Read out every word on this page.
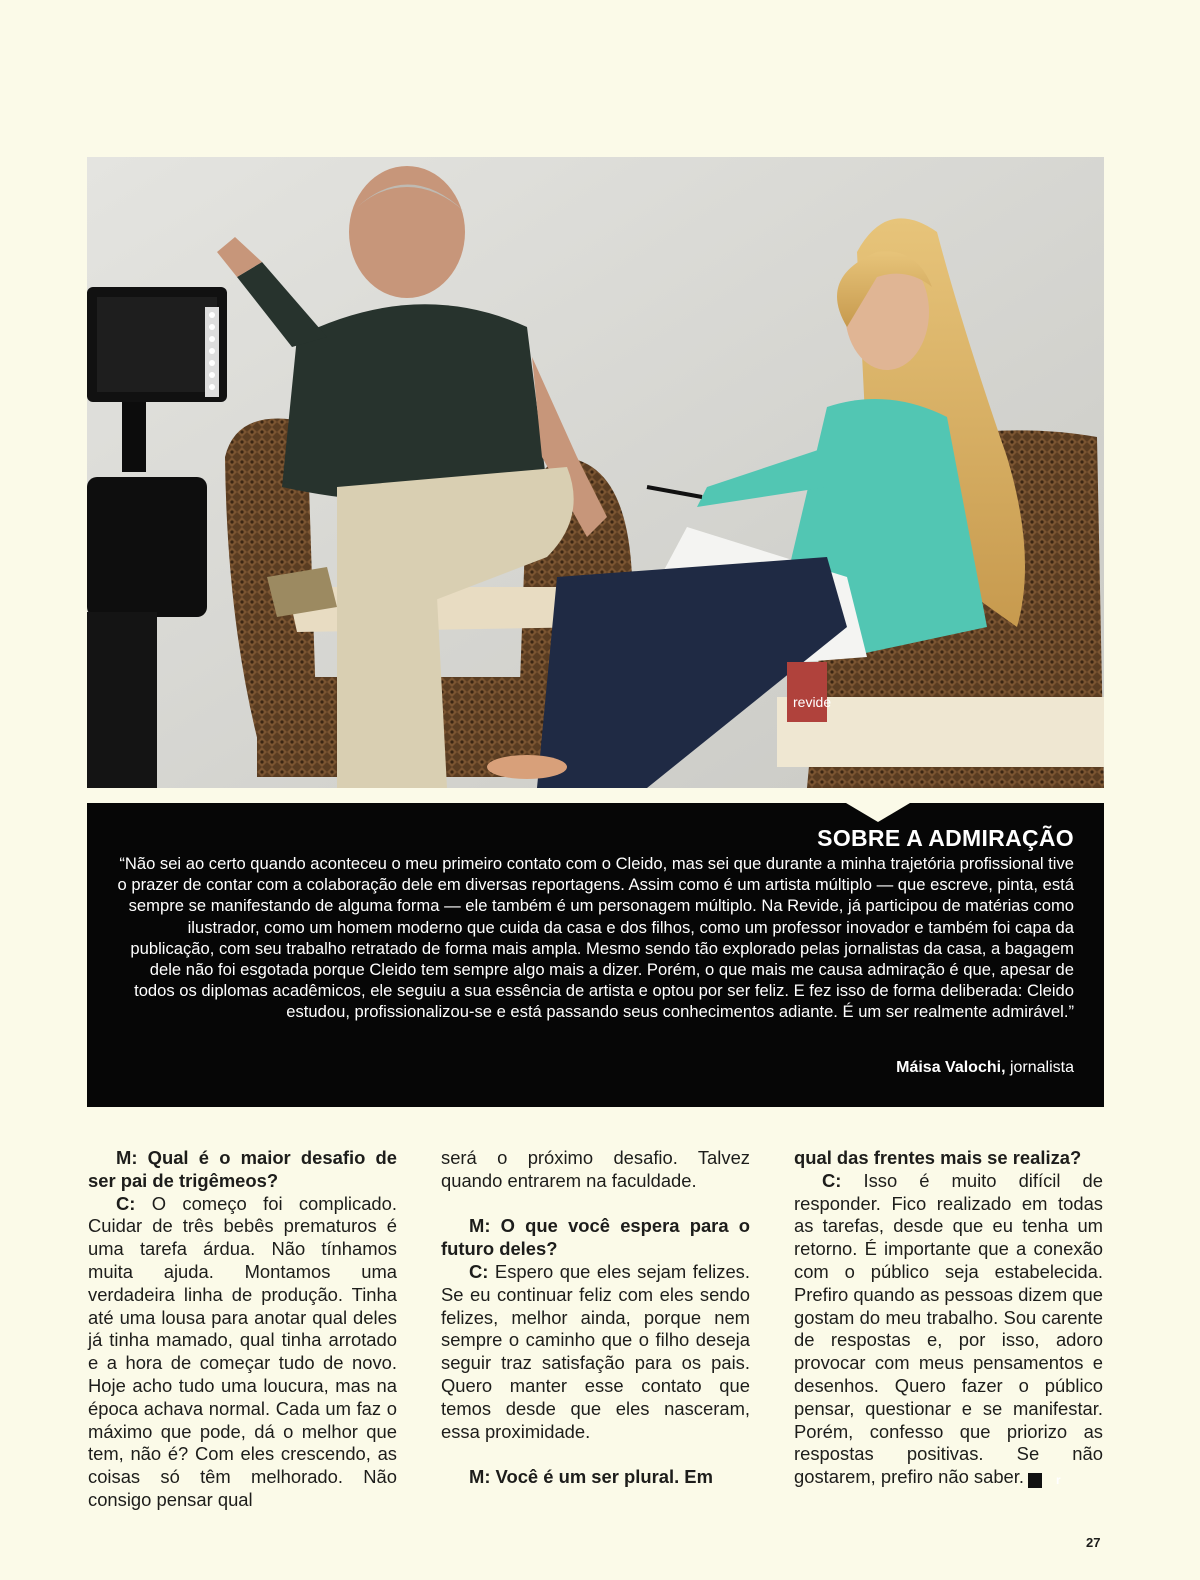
revide
SOBRE A ADMIRAÇÃO

“Não sei ao certo quando aconteceu o meu primeiro contato com o Cleido, mas sei que durante a minha trajetória profissional tive o prazer de contar com a colaboração dele em diversas reportagens. Assim como é um artista múltiplo — que escreve, pinta, está sempre se manifestando de alguma forma — ele também é um personagem múltiplo. Na Revide, já participou de matérias como ilustrador, como um homem moderno que cuida da casa e dos filhos, como um professor inovador e também foi capa da publicação, com seu trabalho retratado de forma mais ampla. Mesmo sendo tão explorado pelas jornalistas da casa, a bagagem dele não foi esgotada porque Cleido tem sempre algo mais a dizer. Porém, o que mais me causa admiração é que, apesar de todos os diplomas acadêmicos, ele seguiu a sua essência de artista e optou por ser feliz. E fez isso de forma deliberada: Cleido estudou, profissionalizou-se e está passando seus conhecimentos adiante. É um ser realmente admirável.”

Máisa Valochi, jornalista

M: Qual é o maior desafio de ser pai de trigêmeos?

C: O começo foi complicado. Cuidar de três bebês prematuros é uma tarefa árdua. Não tínhamos muita ajuda. Montamos uma verdadeira linha de produção. Tinha até uma lousa para anotar qual deles já tinha mamado, qual tinha arrotado e a hora de começar tudo de novo. Hoje acho tudo uma loucura, mas na época achava normal. Cada um faz o máximo que pode, dá o melhor que tem, não é? Com eles crescendo, as coisas só têm melhorado. Não consigo pensar qual

será o próximo desafio. Talvez quando entrarem na faculdade.

M: O que você espera para o futuro deles?

C: Espero que eles sejam felizes. Se eu continuar feliz com eles sendo felizes, melhor ainda, porque nem sempre o caminho que o filho deseja seguir traz satisfação para os pais. Quero manter esse contato que temos desde que eles nasceram, essa proximidade.

M: Você é um ser plural. Em

qual das frentes mais se realiza?

C: Isso é muito difícil de responder. Fico realizado em todas as tarefas, desde que eu tenha um retorno. É importante que a conexão com o público seja estabelecida. Prefiro quando as pessoas dizem que gostam do meu trabalho. Sou carente de respostas e, por isso, adoro provocar com meus pensamentos e desenhos. Quero fazer o público pensar, questionar e se manifestar. Porém, confesso que priorizo as respostas positivas. Se não gostarem, prefiro não saber.	r

27
